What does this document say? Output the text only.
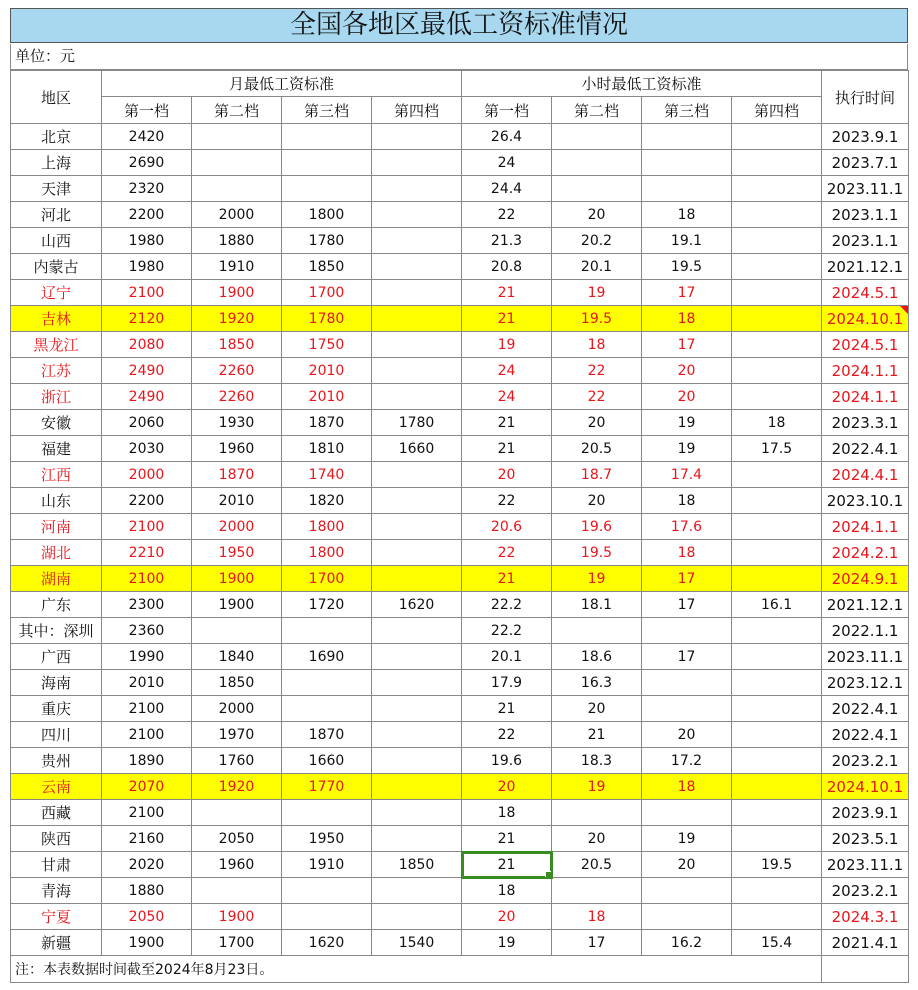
全国各地区最低工资标准情况
单位：元
地区	月最低工资标准				小时最低工资标准				执行时间
	第一档	第二档	第三档	第四档	第一档	第二档	第三档	第四档	
北京	2420				26.4				2023.9.1
上海	2690				24				2023.7.1
天津	2320				24.4				2023.11.1
河北	2200	2000	1800		22	20	18		2023.1.1
山西	1980	1880	1780		21.3	20.2	19.1		2023.1.1
内蒙古	1980	1910	1850		20.8	20.1	19.5		2021.12.1
辽宁	2100	1900	1700		21	19	17		2024.5.1
吉林	2120	1920	1780		21	19.5	18		2024.10.1

黑龙江	2080	1850	1750		19	18	17		2024.5.1
江苏	2490	2260	2010		24	22	20		2024.1.1
浙江	2490	2260	2010		24	22	20		2024.1.1
安徽	2060	1930	1870	1780	21	20	19	18	2023.3.1
福建	2030	1960	1810	1660	21	20.5	19	17.5	2022.4.1
江西	2000	1870	1740		20	18.7	17.4		2024.4.1
山东	2200	2010	1820		22	20	18		2023.10.1
河南	2100	2000	1800		20.6	19.6	17.6		2024.1.1
湖北	2210	1950	1800		22	19.5	18		2024.2.1
湖南	2100	1900	1700		21	19	17		2024.9.1
广东	2300	1900	1720	1620	22.2	18.1	17	16.1	2021.12.1
其中：深圳	2360				22.2				2022.1.1
广西	1990	1840	1690		20.1	18.6	17		2023.11.1
海南	2010	1850			17.9	16.3			2023.12.1
重庆	2100	2000			21	20			2022.4.1
四川	2100	1970	1870		22	21	20		2022.4.1
贵州	1890	1760	1660		19.6	18.3	17.2		2023.2.1
云南	2070	1920	1770		20	19	18		2024.10.1
西藏	2100				18				2023.9.1
陕西	2160	2050	1950		21	20	19		2023.5.1
甘肃	2020	1960	1910	1850	21	20.5	20	19.5	2023.11.1
青海	1880				18				2023.2.1
宁夏	2050	1900			20	18			2024.3.1
新疆	1900	1700	1620	1540	19	17	16.2	15.4	2021.4.1
注：本表数据时间截至2024年8月23日。									
